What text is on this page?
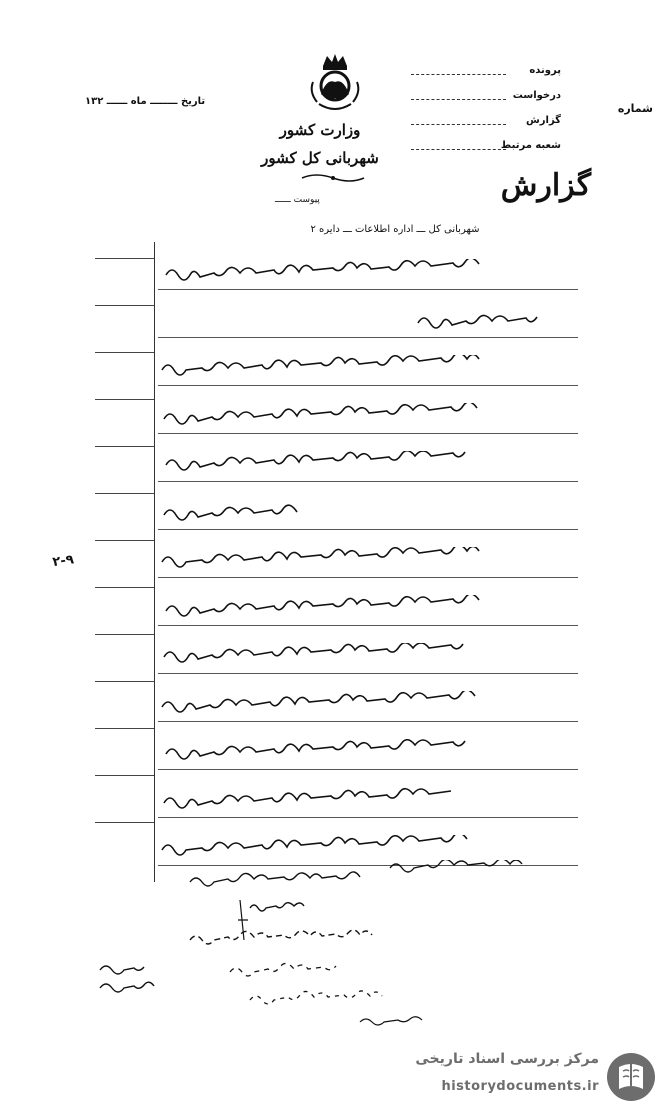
پرونده
درخواست
گزارش
شعبه مرتبط
شماره
تاریخ ــــــــ ماه ــــــ ۱۳۲
وزارت کشور
شهربانی کل کشور
گزارش
شهربانی کل ـــ اداره اطلاعات ـــ دایره ۲
پیوست ــــــ
۲-۹
مرکز بررسی اسناد تاریخی
historydocuments.ir
